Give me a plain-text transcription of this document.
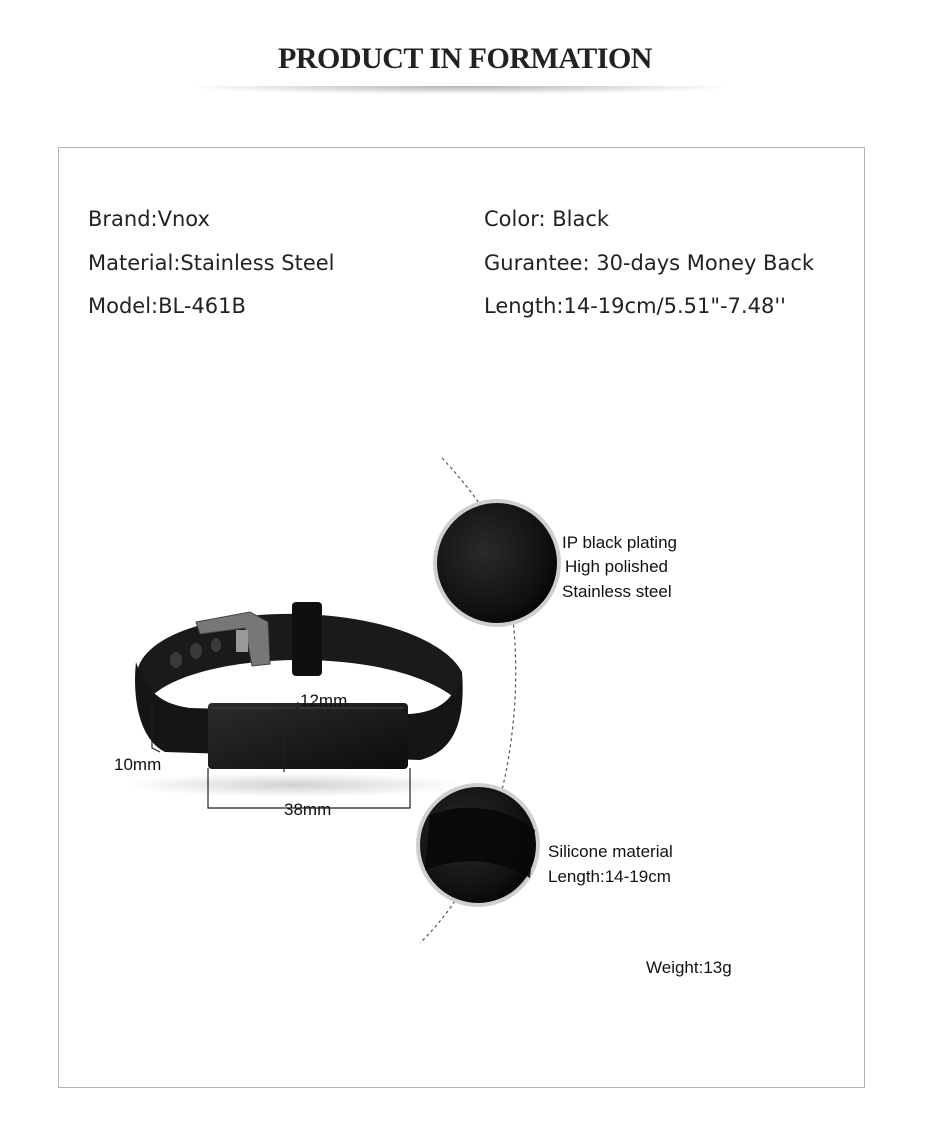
PRODUCT IN FORMATION
Brand:Vnox
Material:Stainless Steel
Model:BL-461B
Color: Black
Gurantee: 30-days Money Back
Length:14-19cm/5.51"-7.48''
IP black plating
High polished
Stainless steel
12mm
10mm
38mm
Silicone material
Length:14-19cm
Weight:13g
